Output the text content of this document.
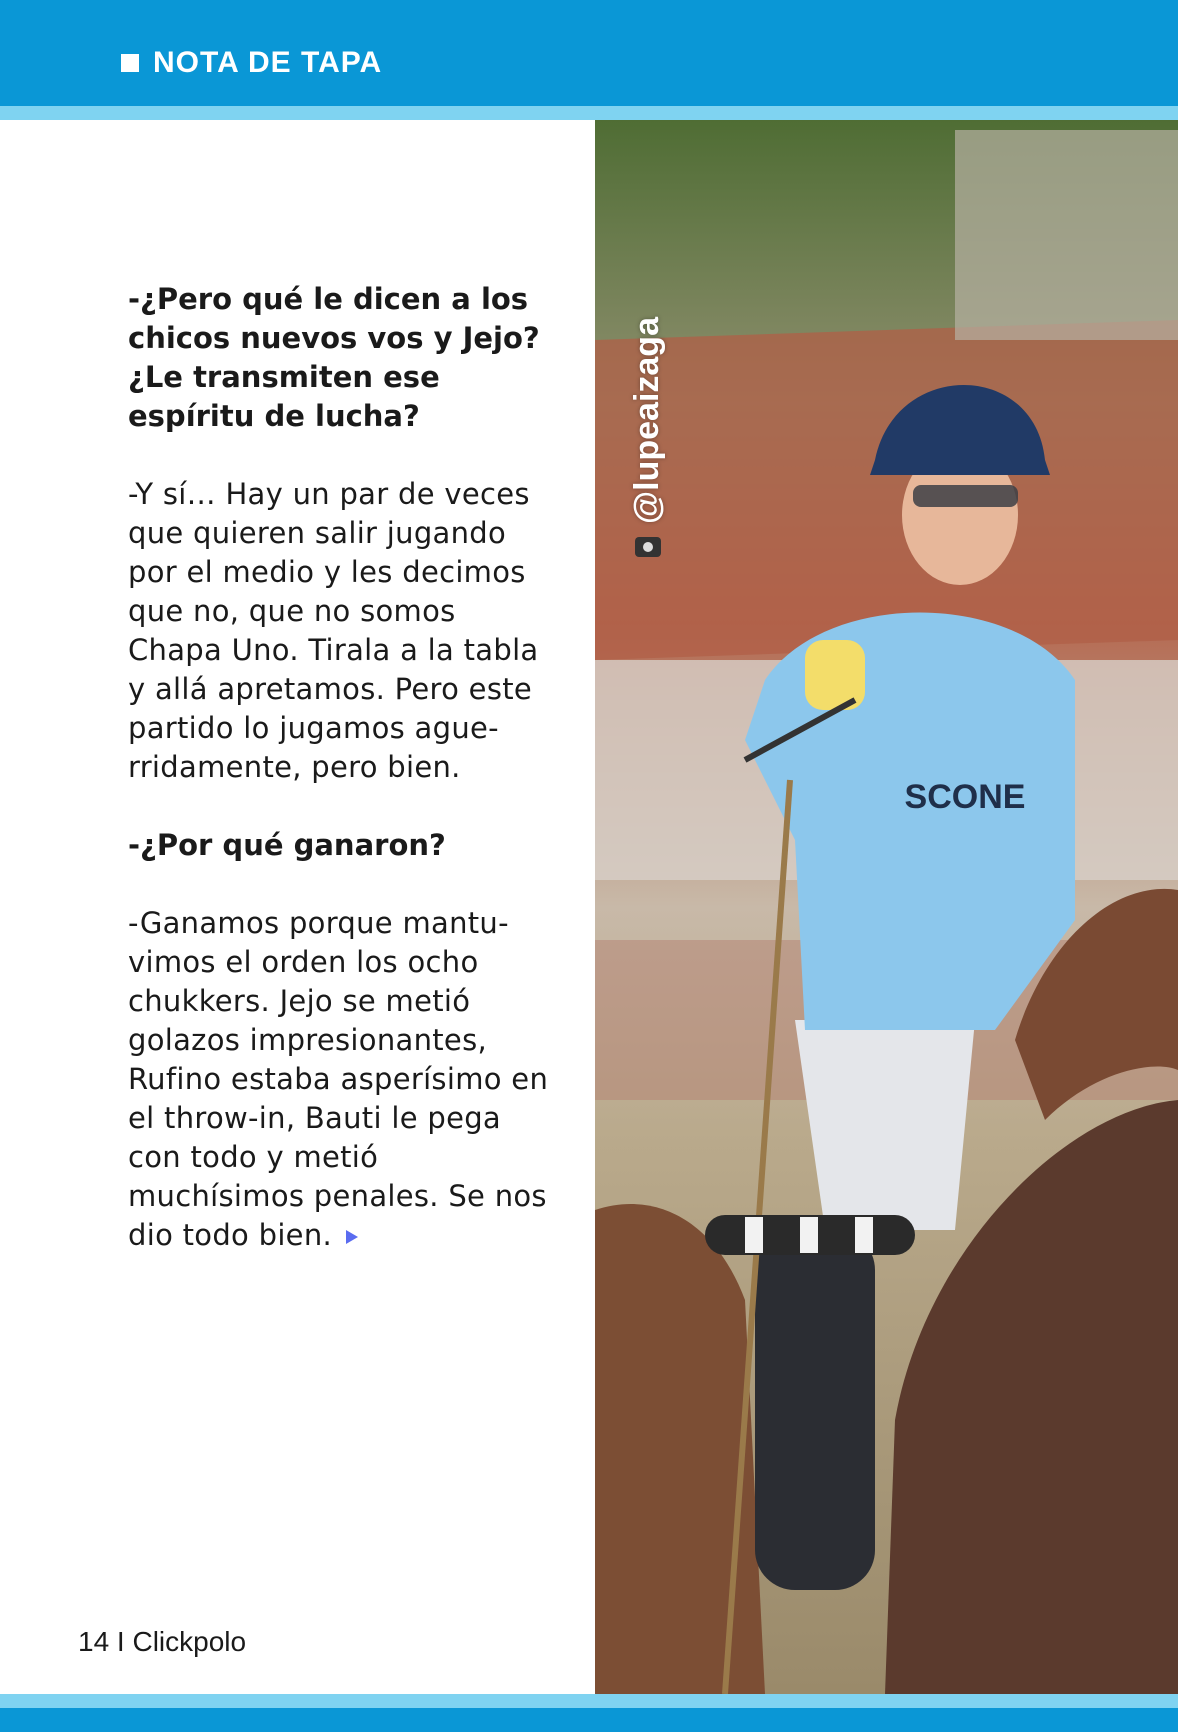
NOTA DE TAPA

-¿Pero qué le dicen a los chicos nuevos vos y Jejo? ¿Le transmiten ese espíritu de lucha?

-Y sí… Hay un par de veces que quieren salir jugando por el medio y les decimos que no, que no somos Chapa Uno. Tirala a la tabla y allá apretamos. Pero este partido lo jugamos ague-rridamente, pero bien.

-¿Por qué ganaron?

-Ganamos porque mantu-vimos el orden los ocho chukkers. Jejo se metió golazos impresionantes, Rufino estaba asperísimo en el throw-in, Bauti le pega con todo y metió muchísimos penales. Se nos dio todo bien.

14 I Clickpolo
SCONE
@lupeaizaga
